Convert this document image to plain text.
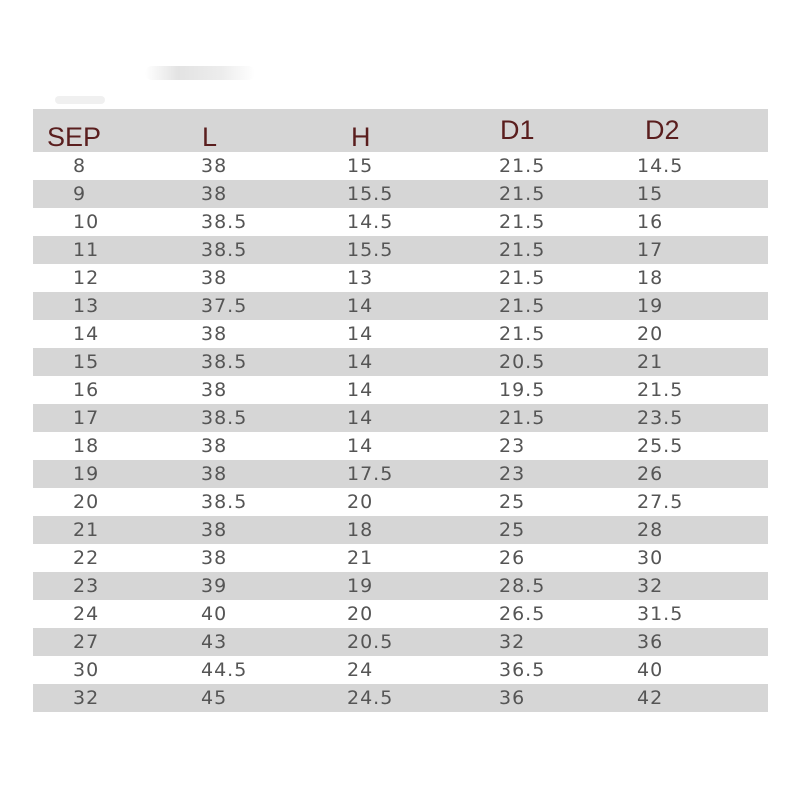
SEP	L	H	D1	D2
8	38	15	21.5	14.5
9	38	15.5	21.5	15
10	38.5	14.5	21.5	16
11	38.5	15.5	21.5	17
12	38	13	21.5	18
13	37.5	14	21.5	19
14	38	14	21.5	20
15	38.5	14	20.5	21
16	38	14	19.5	21.5
17	38.5	14	21.5	23.5
18	38	14	23	25.5
19	38	17.5	23	26
20	38.5	20	25	27.5
21	38	18	25	28
22	38	21	26	30
23	39	19	28.5	32
24	40	20	26.5	31.5
27	43	20.5	32	36
30	44.5	24	36.5	40
32	45	24.5	36	42
